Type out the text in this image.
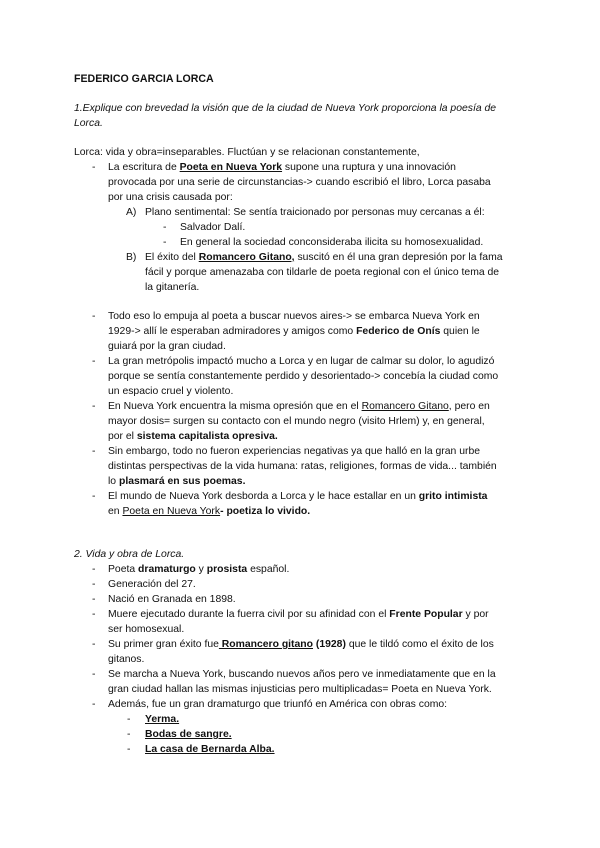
FEDERICO GARCIA LORCA
1.Explique con brevedad la visión que de la ciudad de Nueva York proporciona la poesía de
Lorca.
Lorca: vida y obra=inseparables. Fluctúan y se relacionan constantemente,
- La escritura de Poeta en Nueva York supone una ruptura y una innovación
provocada por una serie de circunstancias-> cuando escribió el libro, Lorca pasaba
por una crisis causada por:
A) Plano sentimental: Se sentía traicionado por personas muy cercanas a él:
- Salvador Dalí.
- En general la sociedad conconsideraba ilicita su homosexualidad.
B) El éxito del Romancero Gitano, suscitó en él una gran depresión por la fama
fácil y porque amenazaba con tildarle de poeta regional con el único tema de
la gitanería.
- Todo eso lo empuja al poeta a buscar nuevos aires-> se embarca Nueva York en
1929-> allí le esperaban admiradores y amigos como Federico de Onís quien le
guiará por la gran ciudad.
- La gran metrópolis impactó mucho a Lorca y en lugar de calmar su dolor, lo agudizó
porque se sentía constantemente perdido y desorientado-> concebía la ciudad como
un espacio cruel y violento.
- En Nueva York encuentra la misma opresión que en el Romancero Gitano, pero en
mayor dosis= surgen su contacto con el mundo negro (visito Hrlem) y, en general,
por el sistema capitalista opresiva.
- Sin embargo, todo no fueron experiencias negativas ya que halló en la gran urbe
distintas perspectivas de la vida humana: ratas, religiones, formas de vida... también
lo plasmará en sus poemas.
- El mundo de Nueva York desborda a Lorca y le hace estallar en un grito intimista
en Poeta en Nueva York- poetiza lo vivido.
2. Vida y obra de Lorca.
- Poeta dramaturgo y prosista español.
- Generación del 27.
- Nació en Granada en 1898.
- Muere ejecutado durante la fuerra civil por su afinidad con el Frente Popular y por
ser homosexual.
- Su primer gran éxito fue Romancero gitano (1928) que le tildó como el éxito de los
gitanos.
- Se marcha a Nueva York, buscando nuevos años pero ve inmediatamente que en la
gran ciudad hallan las mismas injusticias pero multiplicadas= Poeta en Nueva York.
- Además, fue un gran dramaturgo que triunfó en América con obras como:
- Yerma.
- Bodas de sangre.
- La casa de Bernarda Alba.
